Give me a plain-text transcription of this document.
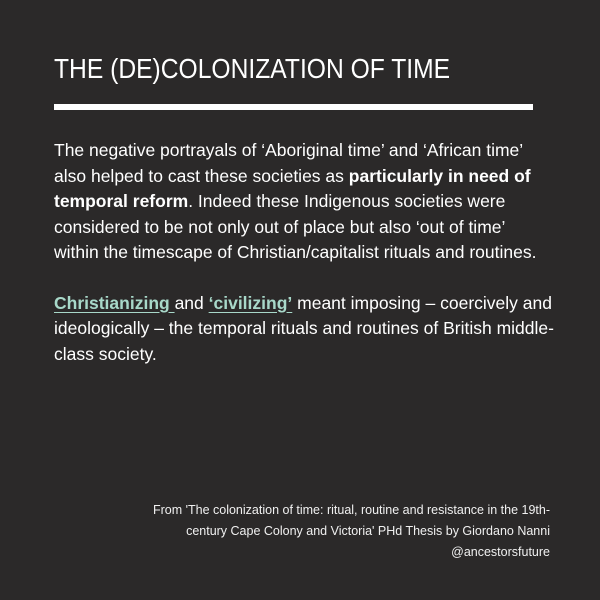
THE (DE)COLONIZATION OF TIME

The negative portrayals of ‘Aboriginal time’ and ‘African time’ also helped to cast these societies as particularly in need of temporal reform. Indeed these Indigenous societies were considered to be not only out of place but also ‘out of time’ within the timescape of Christian/capitalist rituals and routines.

Christianizing and ‘civilizing’ meant imposing – coercively and ideologically – the temporal rituals and routines of British middle-class society.

From 'The colonization of time: ritual, routine and resistance in the 19th-
century Cape Colony and Victoria' PHd Thesis by Giordano Nanni
@ancestorsfuture
